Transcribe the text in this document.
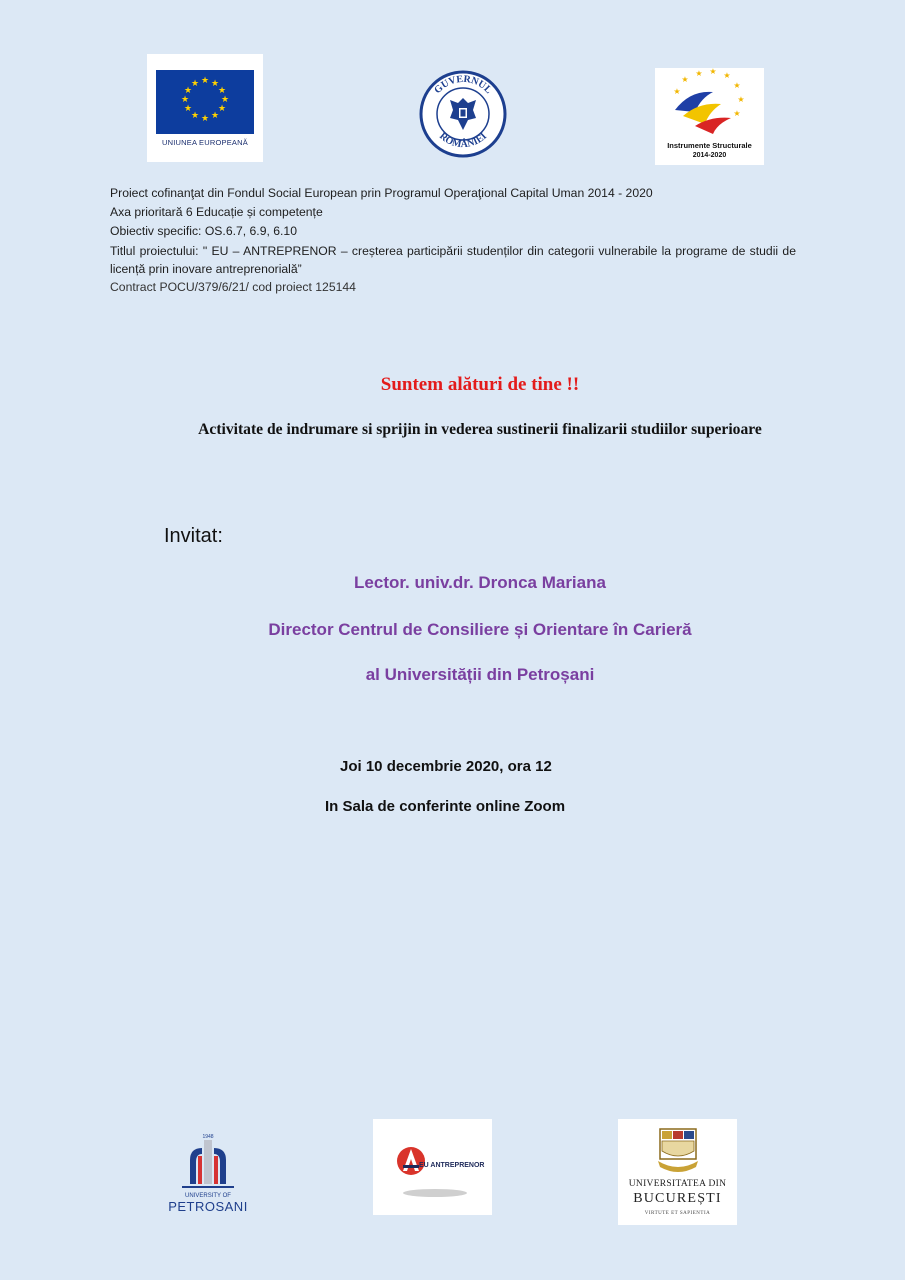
★ ★
★
★
★
★
★
★
★
★
★
★
UNIUNEA EUROPEANĂ
GUVERNUL
ROMÂNIEI
★
★ ★ ★
★
★
★
★
Instrumente Structurale
2014-2020
Proiect cofinanţat din Fondul Social European prin Programul Operaţional Capital Uman 2014 - 2020
Axa prioritară 6 Educație și competențe
Obiectiv specific: OS.6.7, 6.9, 6.10
Titlul proiectului: " EU – ANTREPRENOR – creșterea participării studenților din categorii vulnerabile la programe de studii de licență prin inovare antreprenorială”
Contract POCU/379/6/21/ cod proiect 125144
Suntem alături de tine !!
Activitate de indrumare si sprijin in vederea sustinerii finalizarii studiilor superioare
Invitat:
Lector. univ.dr. Dronca Mariana
Director Centrul de Consiliere și Orientare în Carieră
al Universității din Petroșani
Joi 10 decembrie 2020, ora 12
In Sala de conferinte online Zoom
1948
UNIVERSITY OF
PETROSANI
EU ANTREPRENOR
UNIVERSITATEA DIN
BUCUREȘTI
VIRTUTE ET SAPIENTIA
